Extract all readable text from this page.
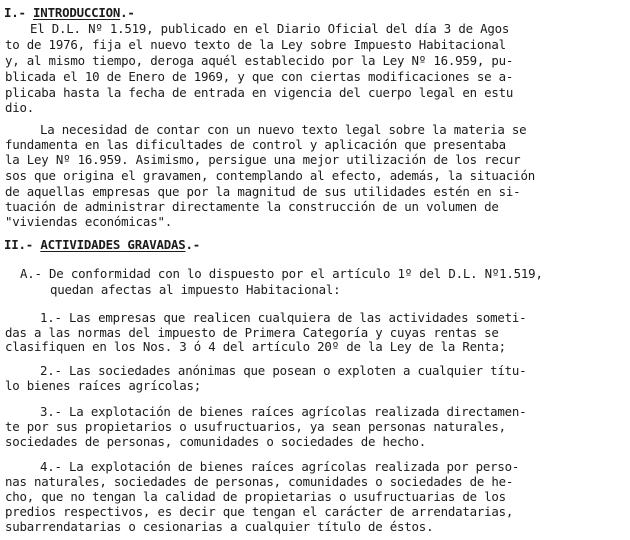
I.- INTRODUCCION.-
El D.L. Nº 1.519, publicado en el Diario Oficial del día 3 de Agos
to de 1976, fija el nuevo texto de la Ley sobre Impuesto Habitacional
y, al mismo tiempo, deroga aquél establecido por la Ley Nº 16.959, pu-
blicada el 10 de Enero de 1969, y que con ciertas modificaciones se a-
plicaba hasta la fecha de entrada en vigencia del cuerpo legal en estu
dio.
La necesidad de contar con un nuevo texto legal sobre la materia se
fundamenta en las dificultades de control y aplicación que presentaba
la Ley Nº 16.959. Asimismo, persigue una mejor utilización de los recur
sos que origina el gravamen, contemplando al efecto, además, la situación
de aquellas empresas que por la magnitud de sus utilidades estén en si-
tuación de administrar directamente la construcción de un volumen de
"viviendas económicas".
II.- ACTIVIDADES GRAVADAS.-
A.- De conformidad con lo dispuesto por el artículo 1º del D.L. Nº1.519,
quedan afectas al impuesto Habitacional:
1.- Las empresas que realicen cualquiera de las actividades someti-
das a las normas del impuesto de Primera Categoría y cuyas rentas se
clasifiquen en los Nos. 3 ó 4 del artículo 20º de la Ley de la Renta;
2.- Las sociedades anónimas que posean o exploten a cualquier títu-
lo bienes raíces agrícolas;
3.- La explotación de bienes raíces agrícolas realizada directamen-
te por sus propietarios o usufructuarios, ya sean personas naturales,
sociedades de personas, comunidades o sociedades de hecho.
4.- La explotación de bienes raíces agrícolas realizada por perso-
nas naturales, sociedades de personas, comunidades o sociedades de he-
cho, que no tengan la calidad de propietarias o usufructuarias de los
predios respectivos, es decir que tengan el carácter de arrendatarias,
subarrendatarias o cesionarias a cualquier título de éstos.
